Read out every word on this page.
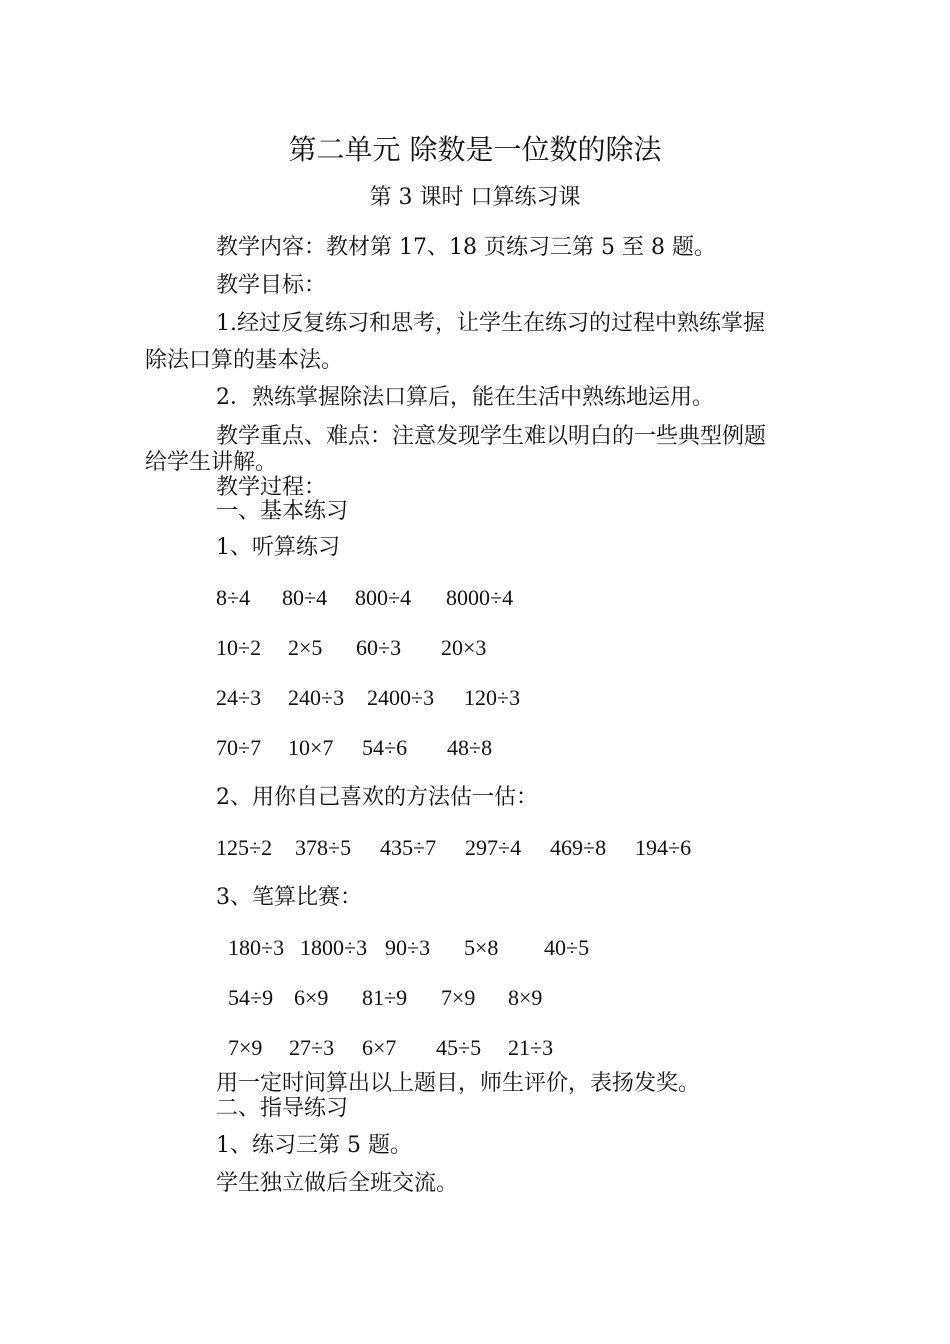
第二单元 除数是一位数的除法
第 3 课时 口算练习课
教学内容：教材第 17、18 页练习三第 5 至 8 题。
教学目标：
1.经过反复练习和思考，让学生在练习的过程中熟练掌握
除法口算的基本法。
2．熟练掌握除法口算后，能在生活中熟练地运用。
教学重点、难点：注意发现学生难以明白的一些典型例题
给学生讲解。
教学过程：
一、基本练习
1、听算练习
8÷4 80÷4 800÷4 8000÷4
10÷2 2×5 60÷3 20×3
24÷3 240÷3 2400÷3 120÷3
70÷7 10×7 54÷6 48÷8
2、用你自己喜欢的方法估一估：
125÷2 378÷5 435÷7 297÷4 469÷8 194÷6
3、笔算比赛：
180÷3 1800÷3 90÷3 5×8 40÷5
54÷9 6×9 81÷9 7×9 8×9
7×9 27÷3 6×7 45÷5 21÷3
用一定时间算出以上题目，师生评价，表扬发奖。
二、指导练习
1、练习三第 5 题。
学生独立做后全班交流。
